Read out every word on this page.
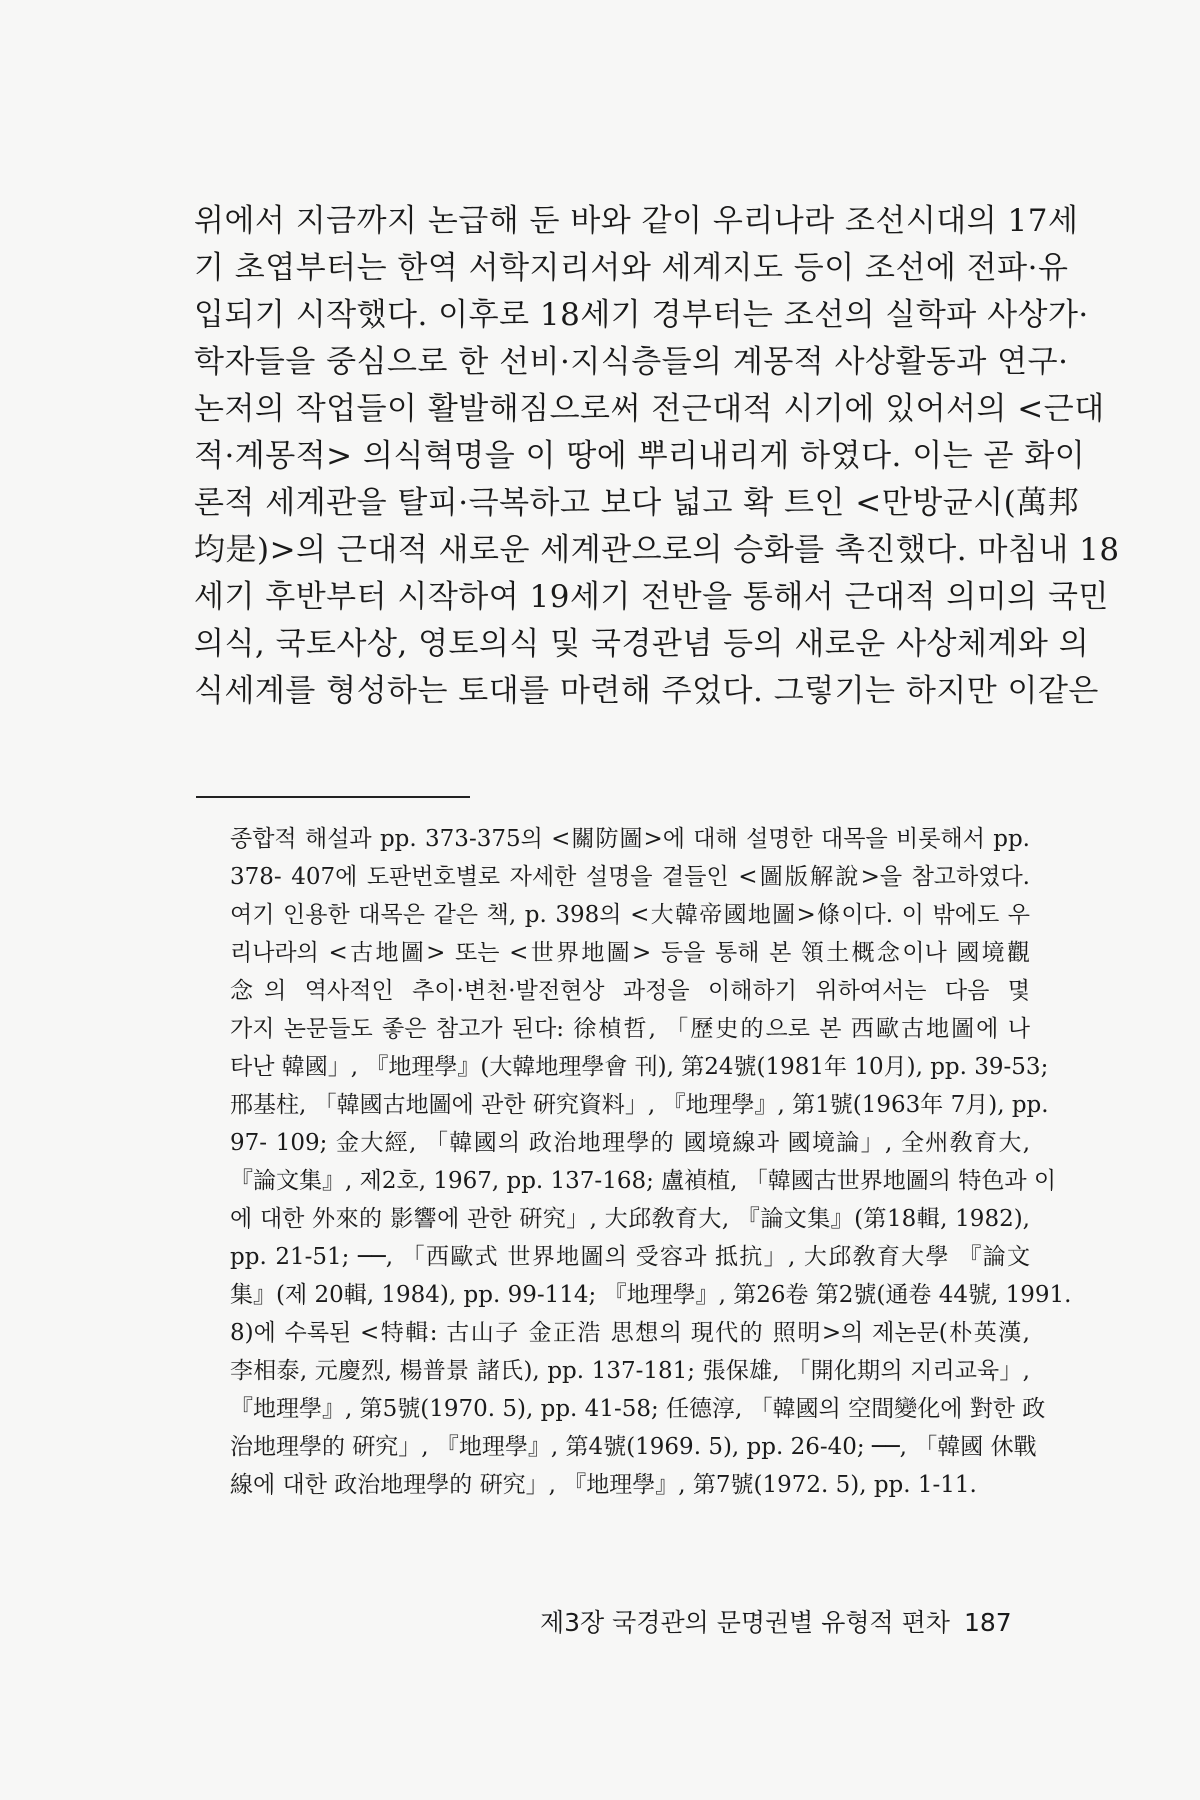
위에서 지금까지 논급해 둔 바와 같이 우리나라 조선시대의 17세
기 초엽부터는 한역 서학지리서와 세계지도 등이 조선에 전파·유
입되기 시작했다. 이후로 18세기 경부터는 조선의 실학파 사상가·
학자들을 중심으로 한 선비·지식층들의 계몽적 사상활동과 연구·
논저의 작업들이 활발해짐으로써 전근대적 시기에 있어서의 <근대
적·계몽적> 의식혁명을 이 땅에 뿌리내리게 하였다. 이는 곧 화이
론적 세계관을 탈피·극복하고 보다 넓고 확 트인 <만방균시(萬邦
均是)>의 근대적 새로운 세계관으로의 승화를 촉진했다. 마침내 18
세기 후반부터 시작하여 19세기 전반을 통해서 근대적 의미의 국민
의식, 국토사상, 영토의식 및 국경관념 등의 새로운 사상체계와 의
식세계를 형성하는 토대를 마련해 주었다. 그렇기는 하지만 이같은
종합적 해설과 pp. 373-375의 <關防圖>에 대해 설명한 대목을 비롯해서 pp.
378- 407에 도판번호별로 자세한 설명을 곁들인 <圖版解說>을 참고하였다.
여기 인용한 대목은 같은 책, p. 398의 <大韓帝國地圖>條이다. 이 밖에도 우
리나라의 <古地圖> 또는 <世界地圖> 등을 통해 본 領土概念이나 國境觀
念의 역사적인 추이·변천·발전현상 과정을 이해하기 위하여서는 다음 몇
가지 논문들도 좋은 참고가 된다: 徐楨哲, 「歷史的으로 본 西歐古地圖에 나
타난 韓國」, 『地理學』(大韓地理學會 刊), 第24號(1981年 10月), pp. 39-53;
邢基柱, 「韓國古地圖에 관한 硏究資料」, 『地理學』, 第1號(1963年 7月), pp.
97- 109; 金大經, 「韓國의 政治地理學的 國境線과 國境論」, 全州敎育大,
『論文集』, 제2호, 1967, pp. 137-168; 盧禎植, 「韓國古世界地圖의 特色과 이
에 대한 外來的 影響에 관한 硏究」, 大邱敎育大, 『論文集』(第18輯, 1982),
pp. 21-51; ──, 「西歐式 世界地圖의 受容과 抵抗」, 大邱敎育大學 『論文
集』(제 20輯, 1984), pp. 99-114; 『地理學』, 第26卷 第2號(通卷 44號, 1991.
8)에 수록된 <特輯: 古山子 金正浩 思想의 現代的 照明>의 제논문(朴英漢,
李相泰, 元慶烈, 楊普景 諸氏), pp. 137-181; 張保雄, 「開化期의 지리교육」,
『地理學』, 第5號(1970. 5), pp. 41-58; 任德淳, 「韓國의 空間變化에 對한 政
治地理學的 硏究」, 『地理學』, 第4號(1969. 5), pp. 26-40; ──, 「韓國 休戰
線에 대한 政治地理學的 硏究」, 『地理學』, 第7號(1972. 5), pp. 1-11.
제3장 국경관의 문명권별 유형적 편차 187
